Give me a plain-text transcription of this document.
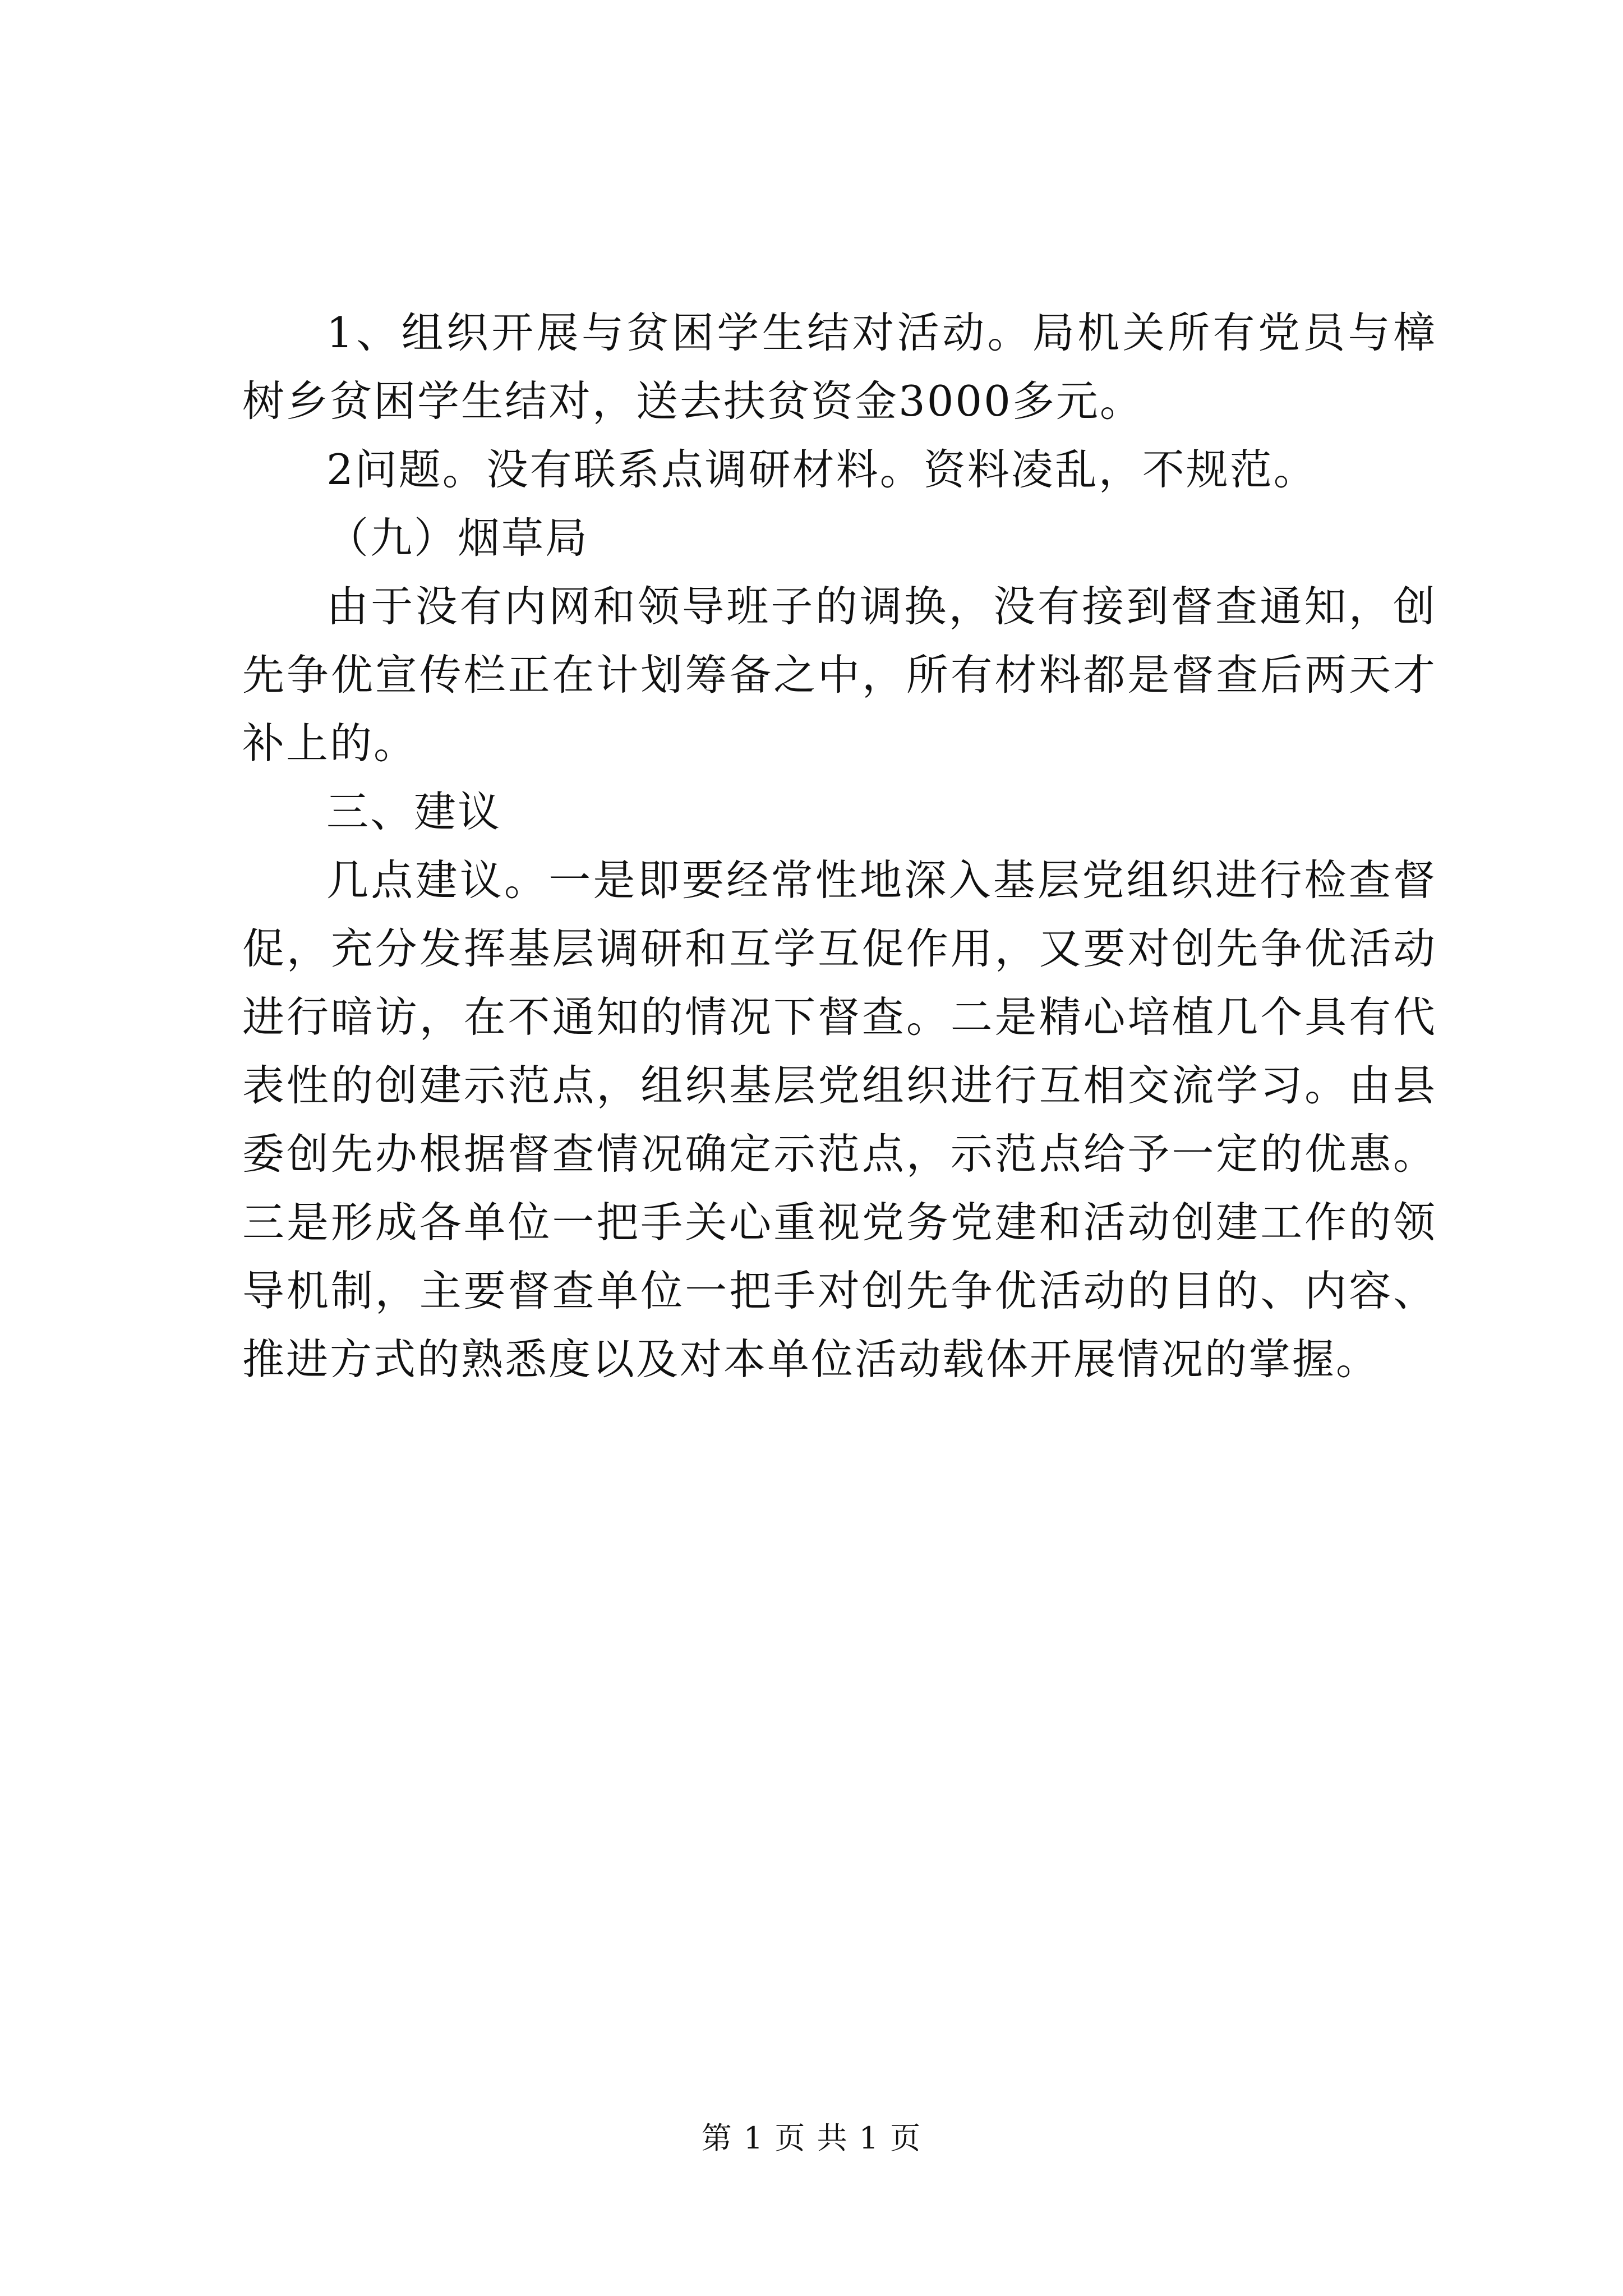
1、组织开展与贫困学生结对活动。局机关所有党员与樟树乡贫困学生结对，送去扶贫资金3000多元。

2问题。没有联系点调研材料。资料凌乱，不规范。

（九）烟草局

由于没有内网和领导班子的调换，没有接到督查通知，创先争优宣传栏正在计划筹备之中，所有材料都是督查后两天才补上的。

三、建议

几点建议。一是即要经常性地深入基层党组织进行检查督促，充分发挥基层调研和互学互促作用，又要对创先争优活动进行暗访，在不通知的情况下督查。二是精心培植几个具有代表性的创建示范点，组织基层党组织进行互相交流学习。由县委创先办根据督查情况确定示范点，示范点给予一定的优惠。三是形成各单位一把手关心重视党务党建和活动创建工作的领导机制，主要督查单位一把手对创先争优活动的目的、内容、推进方式的熟悉度以及对本单位活动载体开展情况的掌握。

第 1 页 共 1 页
